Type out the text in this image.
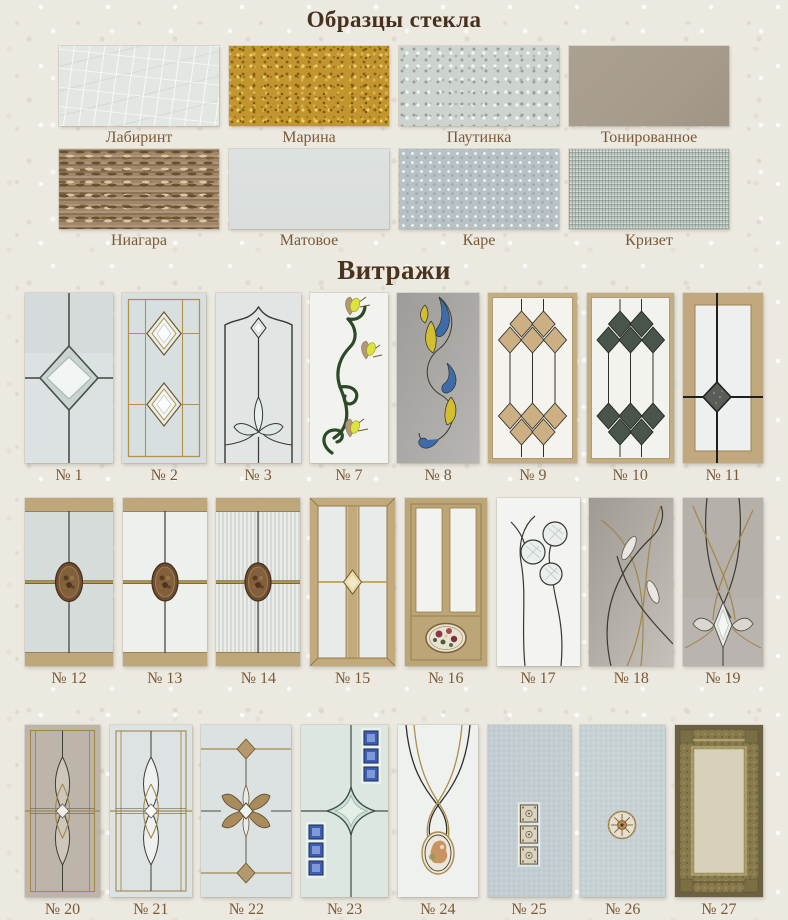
Образцы стекла
Лабиринт	Марина	Паутинка	Тонированное
Ниагара	Матовое	Каре	Кризет
Витражи
№ 1	№ 2	№ 3	№ 7	№ 8	№ 9	№ 10	№ 11
№ 12	№ 13	№ 14	№ 15	№ 16	№ 17	№ 18	№ 19
№ 20	№ 21	№ 22	№ 23	№ 24	№ 25	№ 26	№ 27
